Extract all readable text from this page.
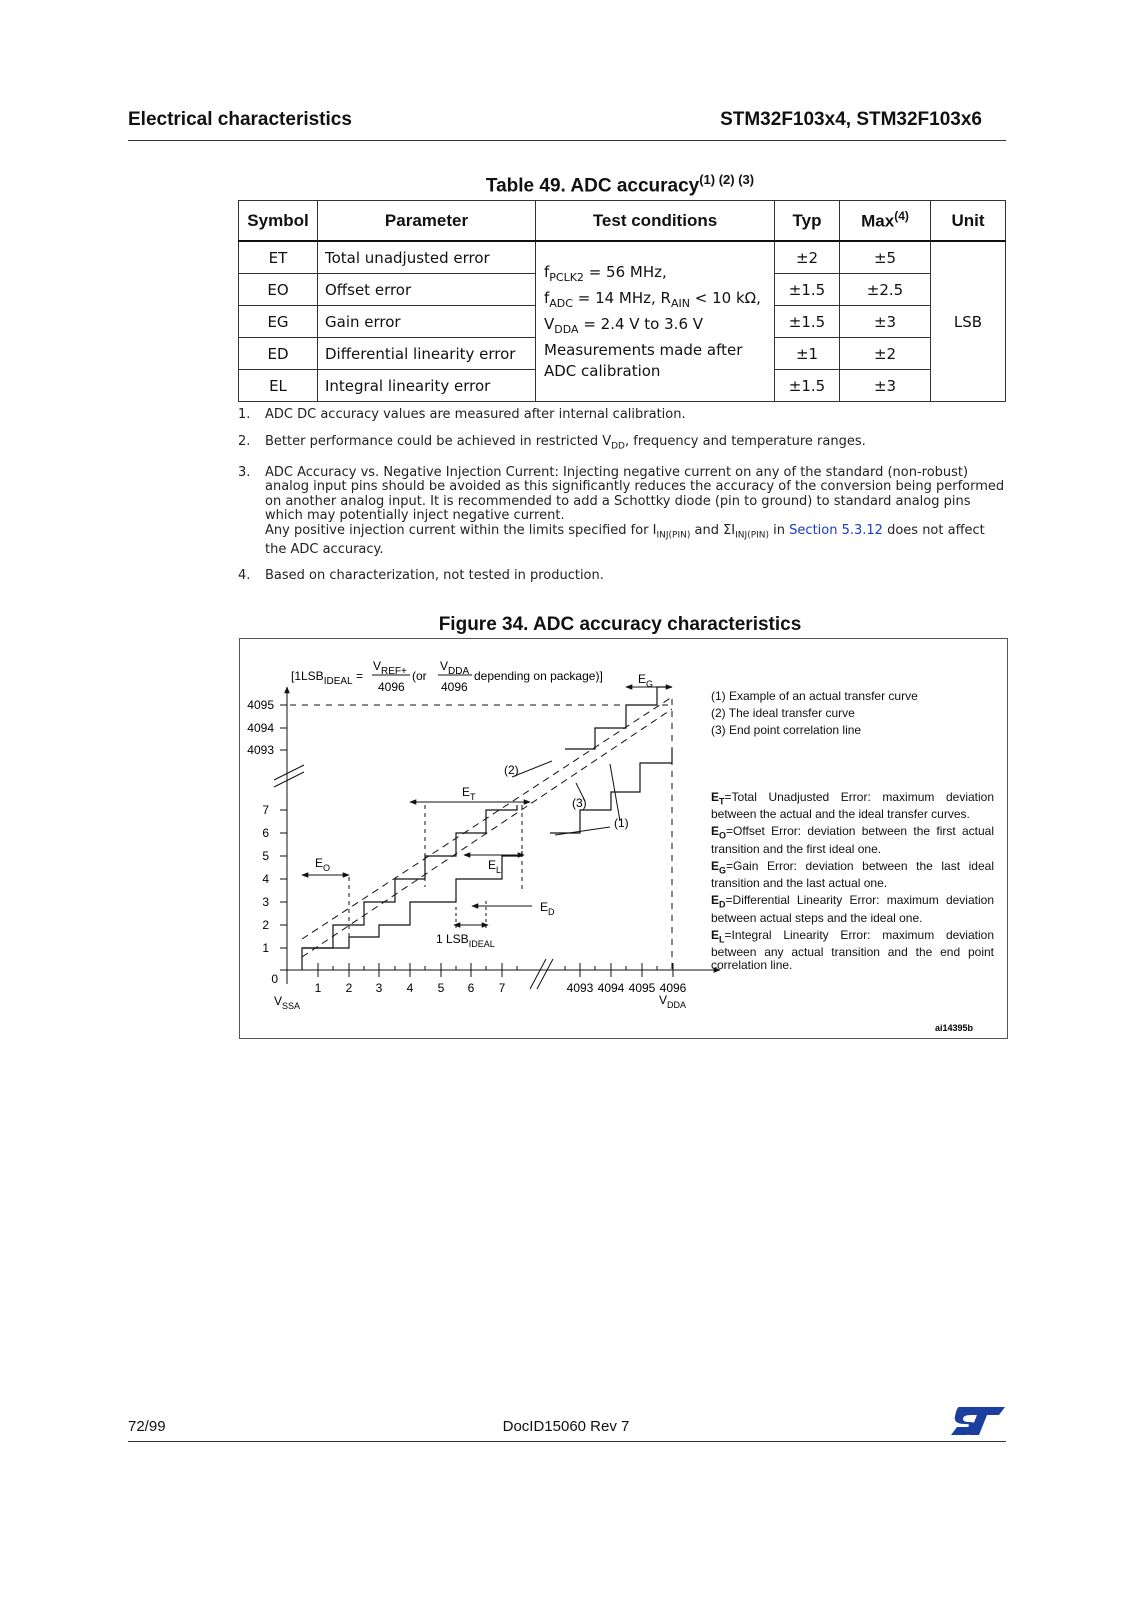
Electrical characteristics	STM32F103x4, STM32F103x6
Table 49. ADC accuracy$^{(1) (2) (3)}$
Symbol	Parameter	Test conditions	Typ	Max$^{(4)}$	Unit
ET	Total unadjusted error	$f_{PCLK2} = 56$ MHz,
$f_{ADC} = 14$ MHz, $R_{AIN} < 10$ kΩ,
$V_{DDA} = 2.4$ V to 3.6 V
Measurements made after ADC calibration	±2	±5	LSB
EO	Offset error		±1.5	±2.5	
EG	Gain error		±1.5	±3	
ED	Differential linearity error		±1	±2	
EL	Integral linearity error		±1.5	±3	
1. ADC DC accuracy values are measured after internal calibration.
2. Better performance could be achieved in restricted $V_{DD}$, frequency and temperature ranges.
3. ADC Accuracy vs. Negative Injection Current: Injecting negative current on any of the standard (non-robust) analog input pins should be avoided as this significantly reduces the accuracy of the conversion being performed on another analog input. It is recommended to add a Schottky diode (pin to ground) to standard analog pins which may potentially inject negative current.
Any positive injection current within the limits specified for $I_{INJ(PIN)}$ and $\Sigma I_{INJ(PIN)}$ in Section 5.3.12 does not affect the ADC accuracy.
4. Based on characterization, not tested in production.
Figure 34. ADC accuracy characteristics
[$1LSB_{IDEAL}$ =
$V_{REF+}$
4096
(or
$V_{DDA}$
4096
depending on package)]
4095
4094
4093
7
6
5
4
3
2
1
0
1 2 3 4 5 6 7	4093 4094 4095 4096
$V_{SSA}$	$V_{DDA}$
$E_G$
$E_T$
$E_O$	$E_L$
$E_D$
(2)
(3)
(1)
1 $LSB_{IDEAL}$
ai14395b
(1) Example of an actual transfer curve
(2) The ideal transfer curve
(3) End point correlation line
$E_T=Total$ Unadjusted Error: maximum deviation between the actual and the ideal transfer curves.
$E_O=Offset$ Error: deviation between the first actual transition and the first ideal one.
$E_G=Gain$ Error: deviation between the last ideal transition and the last actual one.
$E_D=Differential$ Linearity Error: maximum deviation between actual steps and the ideal one.
$E_L=Integral$ Linearity Error: maximum deviation between any actual transition and the end point correlation line.
72/99	DocID15060 Rev 7
